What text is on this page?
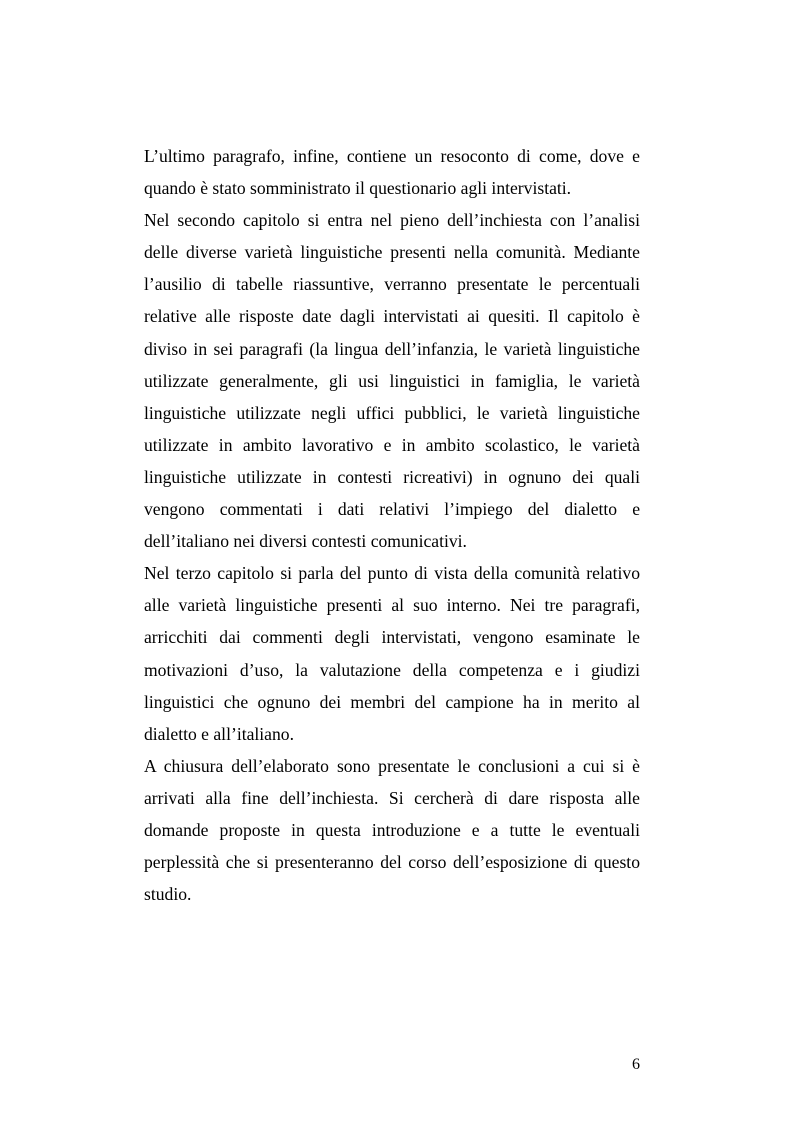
L’ultimo paragrafo, infine, contiene un resoconto di come, dove e quando è stato somministrato il questionario agli intervistati.

Nel secondo capitolo si entra nel pieno dell’inchiesta con l’analisi delle diverse varietà linguistiche presenti nella comunità. Mediante l’ausilio di tabelle riassuntive, verranno presentate le percentuali relative alle risposte date dagli intervistati ai quesiti. Il capitolo è diviso in sei paragrafi (la lingua dell’infanzia, le varietà linguistiche utilizzate generalmente, gli usi linguistici in famiglia, le varietà linguistiche utilizzate negli uffici pubblici, le varietà linguistiche utilizzate in ambito lavorativo e in ambito scolastico, le varietà linguistiche utilizzate in contesti ricreativi) in ognuno dei quali vengono commentati i dati relativi l’impiego del dialetto e dell’italiano nei diversi contesti comunicativi.

Nel terzo capitolo si parla del punto di vista della comunità relativo alle varietà linguistiche presenti al suo interno. Nei tre paragrafi, arricchiti dai commenti degli intervistati, vengono esaminate le motivazioni d’uso, la valutazione della competenza e i giudizi linguistici che ognuno dei membri del campione ha in merito al dialetto e all’italiano.

A chiusura dell’elaborato sono presentate le conclusioni a cui si è arrivati alla fine dell’inchiesta. Si cercherà di dare risposta alle domande proposte in questa introduzione e a tutte le eventuali perplessità che si presenteranno del corso dell’esposizione di questo studio.

6
